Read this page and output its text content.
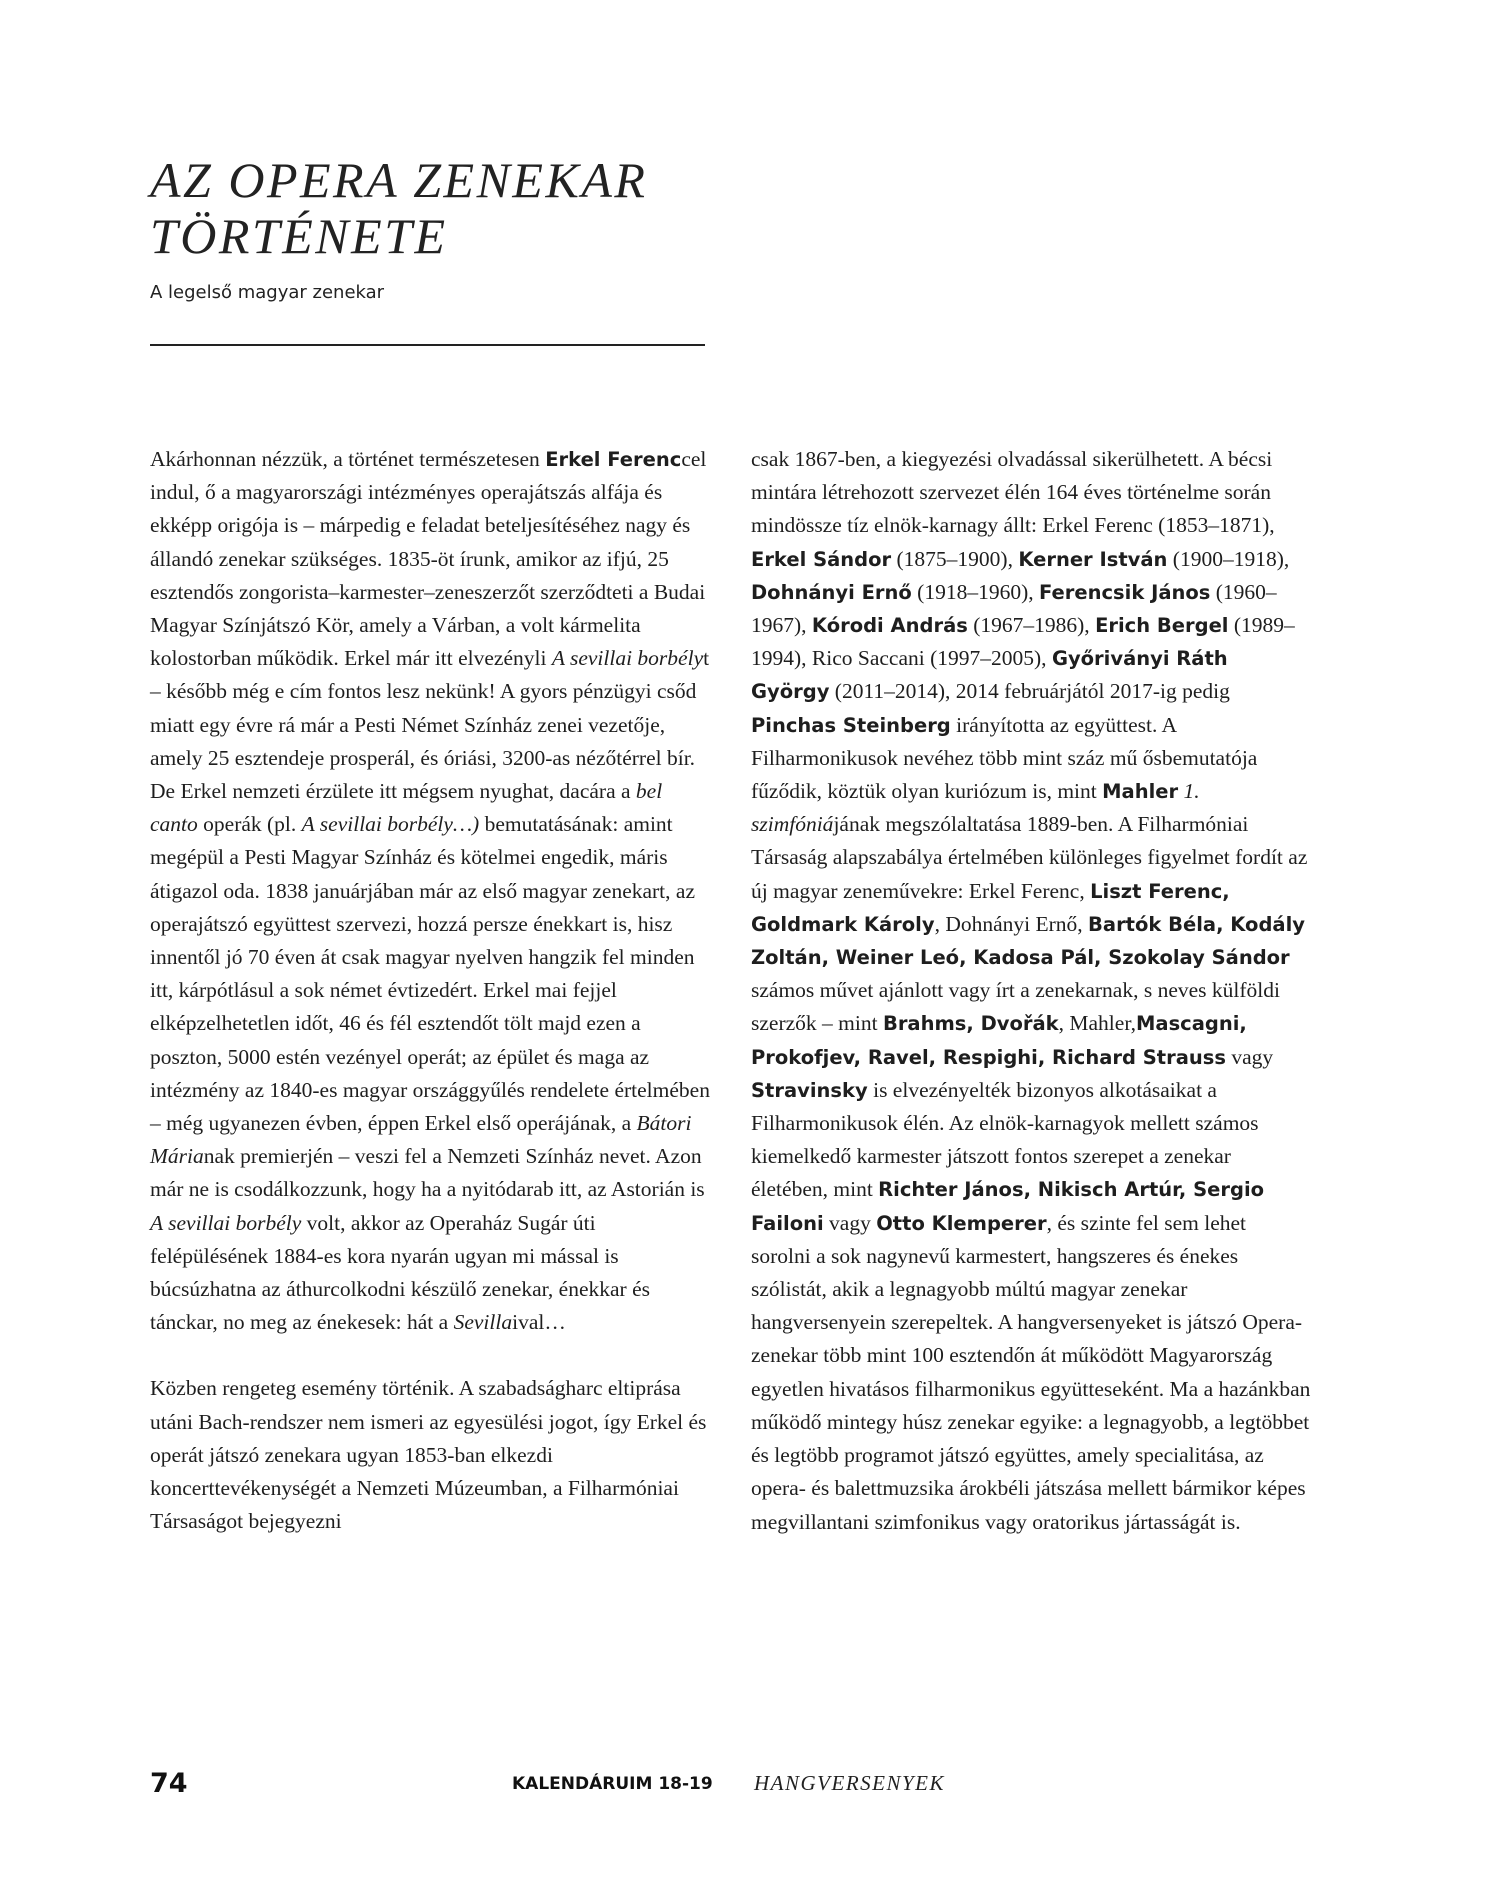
AZ OPERA ZENEKAR
TÖRTÉNETE
A legelső magyar zenekar

Akárhonnan nézzük, a történet természetesen Erkel Ferenccel indul, ő a magyarországi intézményes operajátszás alfája és ekképp origója is – márpedig e feladat beteljesítéséhez nagy és állandó zenekar szükséges. 1835-öt írunk, amikor az ifjú, 25 esztendős zongorista–karmester–zeneszerzőt szerződteti a Budai Magyar Színjátszó Kör, amely a Várban, a volt kármelita kolostorban működik. Erkel már itt elvezényli A sevillai borbélyt – később még e cím fontos lesz nekünk! A gyors pénzügyi csőd miatt egy évre rá már a Pesti Német Színház zenei vezetője, amely 25 esztendeje prosperál, és óriási, 3200-as nézőtérrel bír. De Erkel nemzeti érzülete itt mégsem nyughat, dacára a bel canto operák (pl. A sevillai borbély…) bemutatásának: amint megépül a Pesti Magyar Színház és kötelmei engedik, máris átigazol oda. 1838 januárjában már az első magyar zenekart, az operajátszó együttest szervezi, hozzá persze énekkart is, hisz innentől jó 70 éven át csak magyar nyelven hangzik fel minden itt, kárpótlásul a sok német évtizedért. Erkel mai fejjel elképzelhetetlen időt, 46 és fél esztendőt tölt majd ezen a poszton, 5000 estén vezényel operát; az épület és maga az intézmény az 1840-es magyar országgyűlés rendelete értelmében – még ugyanezen évben, éppen Erkel első operájának, a Bátori Márianak premierjén – veszi fel a Nemzeti Színház nevet. Azon már ne is csodálkozzunk, hogy ha a nyitódarab itt, az Astorián is A sevillai borbély volt, akkor az Operaház Sugár úti felépülésének 1884-es kora nyarán ugyan mi mással is búcsúzhatna az áthurcolkodni készülő zenekar, énekkar és tánckar, no meg az énekesek: hát a Sevillaival…

Közben rengeteg esemény történik. A szabadságharc eltiprása utáni Bach-rendszer nem ismeri az egyesülési jogot, így Erkel és operát játszó zenekara ugyan 1853-ban elkezdi koncerttevékenységét a Nemzeti Múzeumban, a Filharmóniai Társaságot bejegyezni

csak 1867-ben, a kiegyezési olvadással sikerülhetett. A bécsi mintára létrehozott szervezet élén 164 éves történelme során mindössze tíz elnök-karnagy állt: Erkel Ferenc (1853–1871), Erkel Sándor (1875–1900), Kerner István (1900–1918), Dohnányi Ernő (1918–1960), Ferencsik János (1960–1967), Kórodi András (1967–1986), Erich Bergel (1989–1994), Rico Saccani (1997–2005), Győriványi Ráth György (2011–2014), 2014 februárjától 2017-ig pedig Pinchas Steinberg irányította az együttest. A Filharmonikusok nevéhez több mint száz mű ősbemutatója fűződik, köztük olyan kuriózum is, mint Mahler 1. szimfóniájának megszólaltatása 1889-ben. A Filharmóniai Társaság alapszabálya értelmében különleges figyelmet fordít az új magyar zeneművekre: Erkel Ferenc, Liszt Ferenc, Goldmark Károly, Dohnányi Ernő, Bartók Béla, Kodály Zoltán, Weiner Leó, Kadosa Pál, Szokolay Sándor számos művet ajánlott vagy írt a zenekarnak, s neves külföldi szerzők – mint Brahms, Dvořák, Mahler,Mascagni, Prokofjev, Ravel, Respighi, Richard Strauss vagy Stravinsky is elvezényelték bizonyos alkotásaikat a Filharmonikusok élén. Az elnök-karnagyok mellett számos kiemelkedő karmester játszott fontos szerepet a zenekar életében, mint Richter János, Nikisch Artúr, Sergio Failoni vagy Otto Klemperer, és szinte fel sem lehet sorolni a sok nagynevű karmestert, hangszeres és énekes szólistát, akik a legnagyobb múltú magyar zenekar hangversenyein szerepeltek. A hangversenyeket is játszó Opera-zenekar több mint 100 esztendőn át működött Magyarország egyetlen hivatásos filharmonikus együtteseként. Ma a hazánkban működő mintegy húsz zenekar egyike: a legnagyobb, a legtöbbet és legtöbb programot játszó együttes, amely specialitása, az opera- és balettmuzsika árokbéli játszása mellett bármikor képes megvillantani szimfonikus vagy oratorikus jártasságát is.

74	KALENDÁRUIM 18-19 HANGVERSENYEK
